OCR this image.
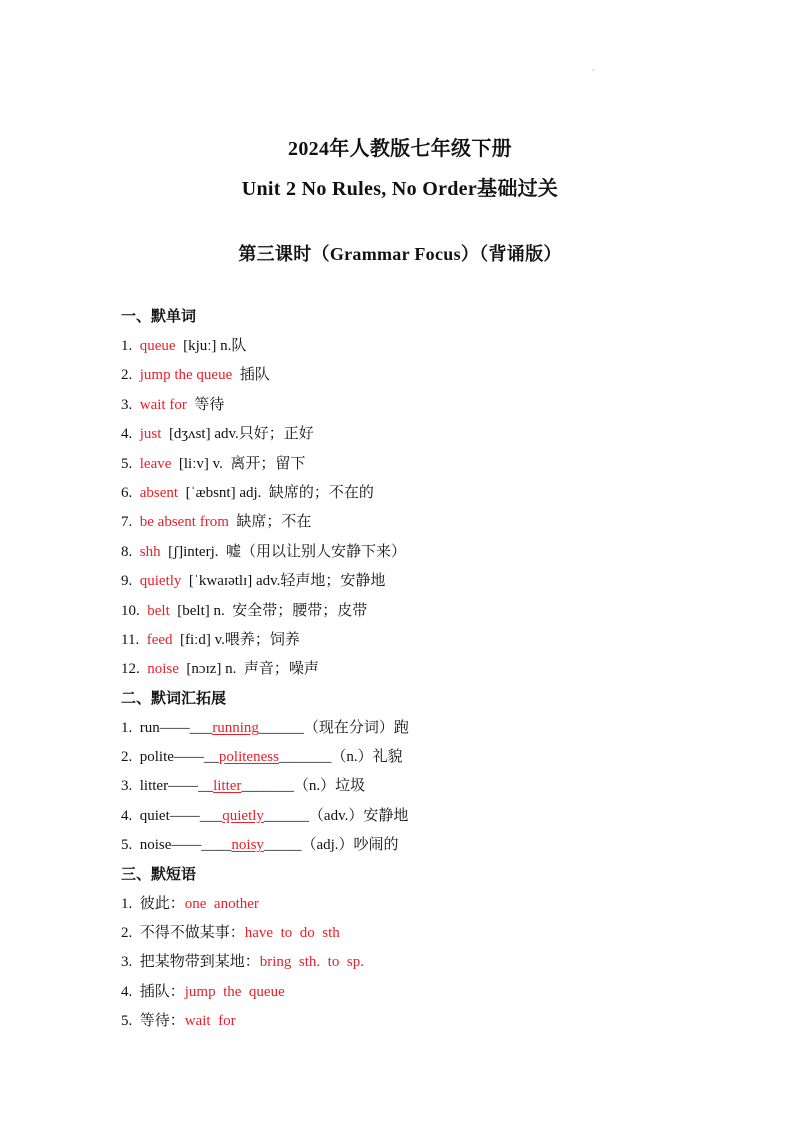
·
2024年人教版七年级下册
Unit 2 No Rules, No Order基础过关
第三课时（Grammar Focus）（背诵版）
一、默单词
1. queue  [kjuː] n.队
2. jump the queue  插队
3. wait for  等待
4. just  [dʒʌst] adv.只好；正好
5. leave  [liːv] v.  离开；留下
6. absent  [ˈæbsnt] adj.  缺席的；不在的
7. be absent from  缺席；不在
8. shh  [ʃ]interj.  嘘（用以让别人安静下来）
9. quietly  [ˈkwaɪətlɪ] adv.轻声地；安静地
10. belt  [belt] n.  安全带；腰带；皮带
11. feed  [fiːd] v.喂养；饲养
12. noise  [nɔɪz] n.  声音；噪声
二、默词汇拓展
1. run——___running______（现在分词）跑
2. polite——__politeness_______（n.）礼貌
3. litter——__litter_______（n.）垃圾
4. quiet——___quietly______（adv.）安静地
5. noise——____noisy_____（adj.）吵闹的
三、默短语
1. 彼此：one  another
2. 不得不做某事：have  to  do  sth
3. 把某物带到某地：bring  sth.  to  sp.
4. 插队：jump  the  queue
5. 等待：wait  for
